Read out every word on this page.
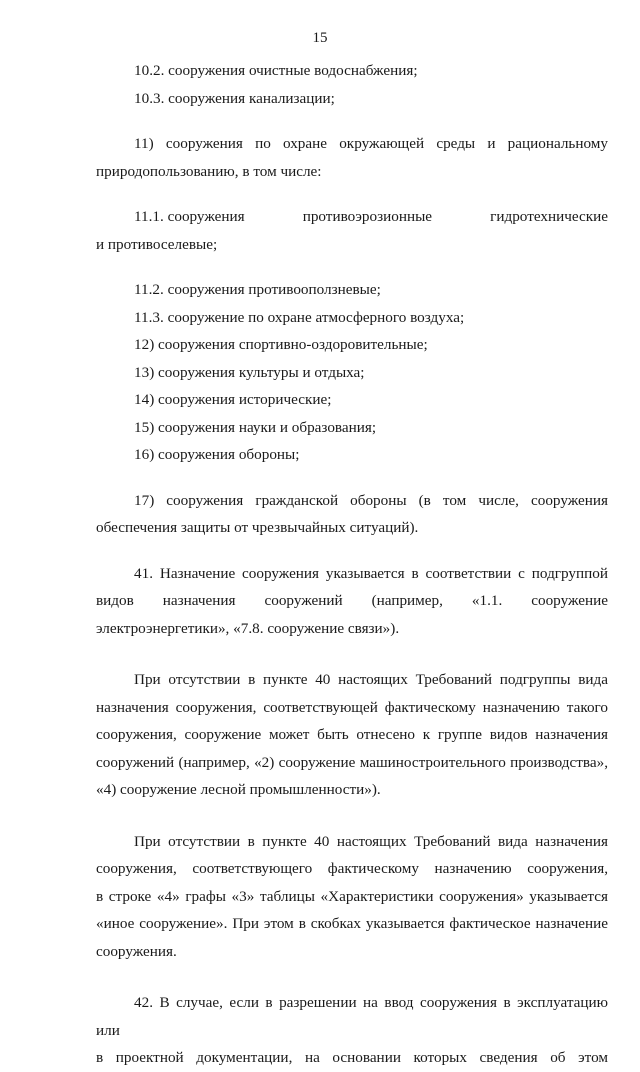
15

10.2. сооружения очистные водоснабжения;

10.3. сооружения канализации;

11) сооружения по охране окружающей среды и рациональному

природопользованию, в том числе:

11.1. сооружения	противоэрозионные	гидротехнические

и противоселевые;

11.2. сооружения противооползневые;

11.3. сооружение по охране атмосферного воздуха;

12) сооружения спортивно-оздоровительные;

13) сооружения культуры и отдыха;

14) сооружения исторические;

15) сооружения науки и образования;

16) сооружения обороны;

17) сооружения гражданской обороны (в том числе, сооружения

обеспечения защиты от чрезвычайных ситуаций).

41. Назначение сооружения указывается в соответствии с подгруппой

видов назначения сооружений (например, «1.1. сооружение

электроэнергетики», «7.8. сооружение связи»).

При отсутствии в пункте 40 настоящих Требований подгруппы вида

назначения сооружения, соответствующей фактическому назначению такого

сооружения, сооружение может быть отнесено к группе видов назначения

сооружений (например, «2) сооружение машиностроительного производства»,

«4) сооружение лесной промышленности»).

При отсутствии в пункте 40 настоящих Требований вида назначения

сооружения, соответствующего фактическому назначению сооружения,

в строке «4» графы «3» таблицы «Характеристики сооружения» указывается

«иное сооружение». При этом в скобках указывается фактическое назначение

сооружения.

42. В случае, если в разрешении на ввод сооружения в эксплуатацию или

в проектной документации, на основании которых сведения об этом
